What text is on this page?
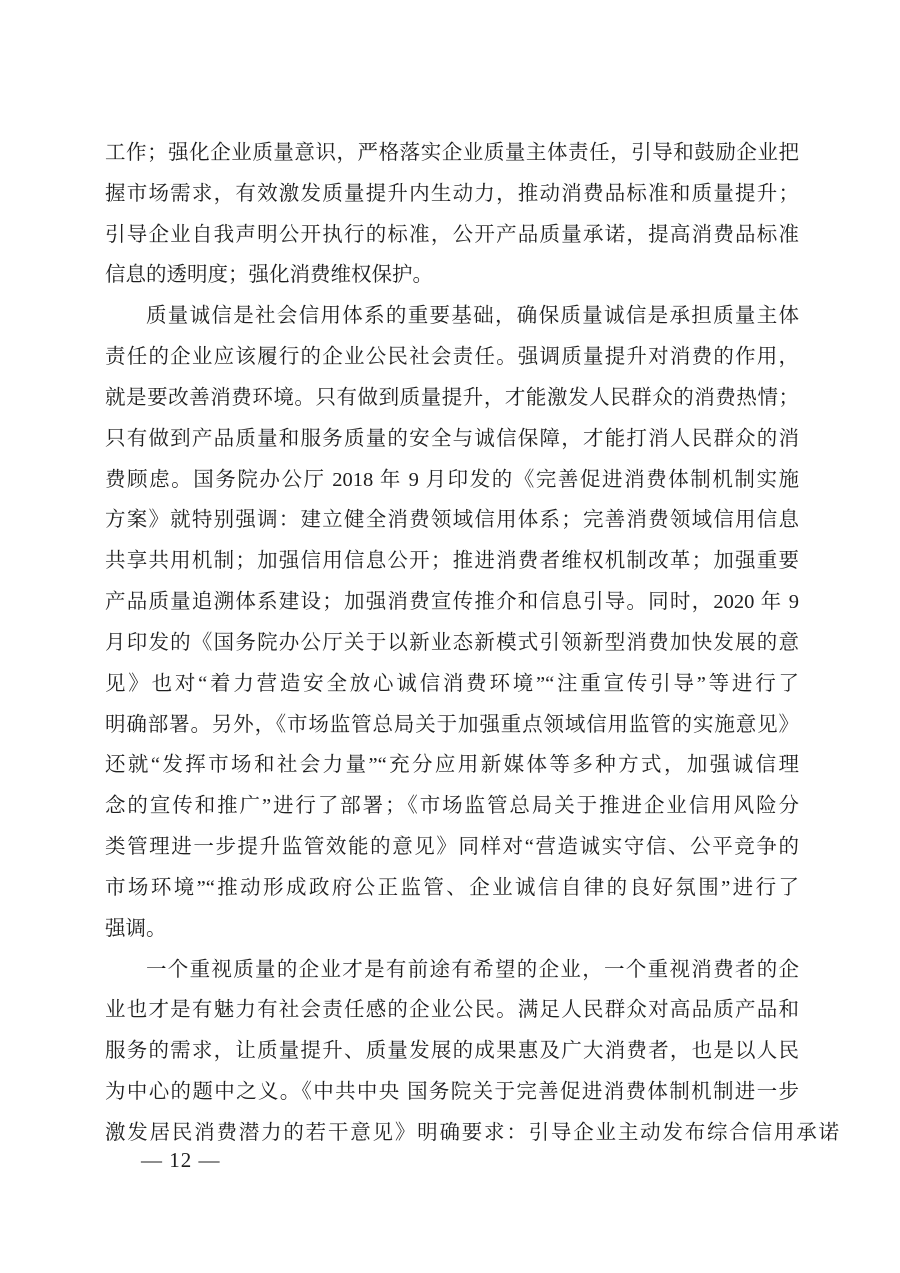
工作；强化企业质量意识，严格落实企业质量主体责任，引导和鼓励企业把
握市场需求，有效激发质量提升内生动力，推动消费品标准和质量提升；
引导企业自我声明公开执行的标准，公开产品质量承诺，提高消费品标准
信息的透明度；强化消费维权保护。
质量诚信是社会信用体系的重要基础，确保质量诚信是承担质量主体
责任的企业应该履行的企业公民社会责任。强调质量提升对消费的作用，
就是要改善消费环境。只有做到质量提升，才能激发人民群众的消费热情；
只有做到产品质量和服务质量的安全与诚信保障，才能打消人民群众的消
费顾虑。国务院办公厅 2018 年 9 月印发的《完善促进消费体制机制实施
方案》就特别强调：建立健全消费领域信用体系；完善消费领域信用信息
共享共用机制；加强信用信息公开；推进消费者维权机制改革；加强重要
产品质量追溯体系建设；加强消费宣传推介和信息引导。同时，2020 年 9
月印发的《国务院办公厅关于以新业态新模式引领新型消费加快发展的意
见》也对“着力营造安全放心诚信消费环境”“注重宣传引导”等进行了
明确部署。另外，《市场监管总局关于加强重点领域信用监管的实施意见》
还就“发挥市场和社会力量”“充分应用新媒体等多种方式，加强诚信理
念的宣传和推广”进行了部署；《市场监管总局关于推进企业信用风险分
类管理进一步提升监管效能的意见》同样对“营造诚实守信、公平竞争的
市场环境”“推动形成政府公正监管、企业诚信自律的良好氛围”进行了
强调。
一个重视质量的企业才是有前途有希望的企业，一个重视消费者的企
业也才是有魅力有社会责任感的企业公民。满足人民群众对高品质产品和
服务的需求，让质量提升、质量发展的成果惠及广大消费者，也是以人民
为中心的题中之义。《中共中央 国务院关于完善促进消费体制机制进一步
激发居民消费潜力的若干意见》明确要求：引导企业主动发布综合信用承诺
— 12 —
